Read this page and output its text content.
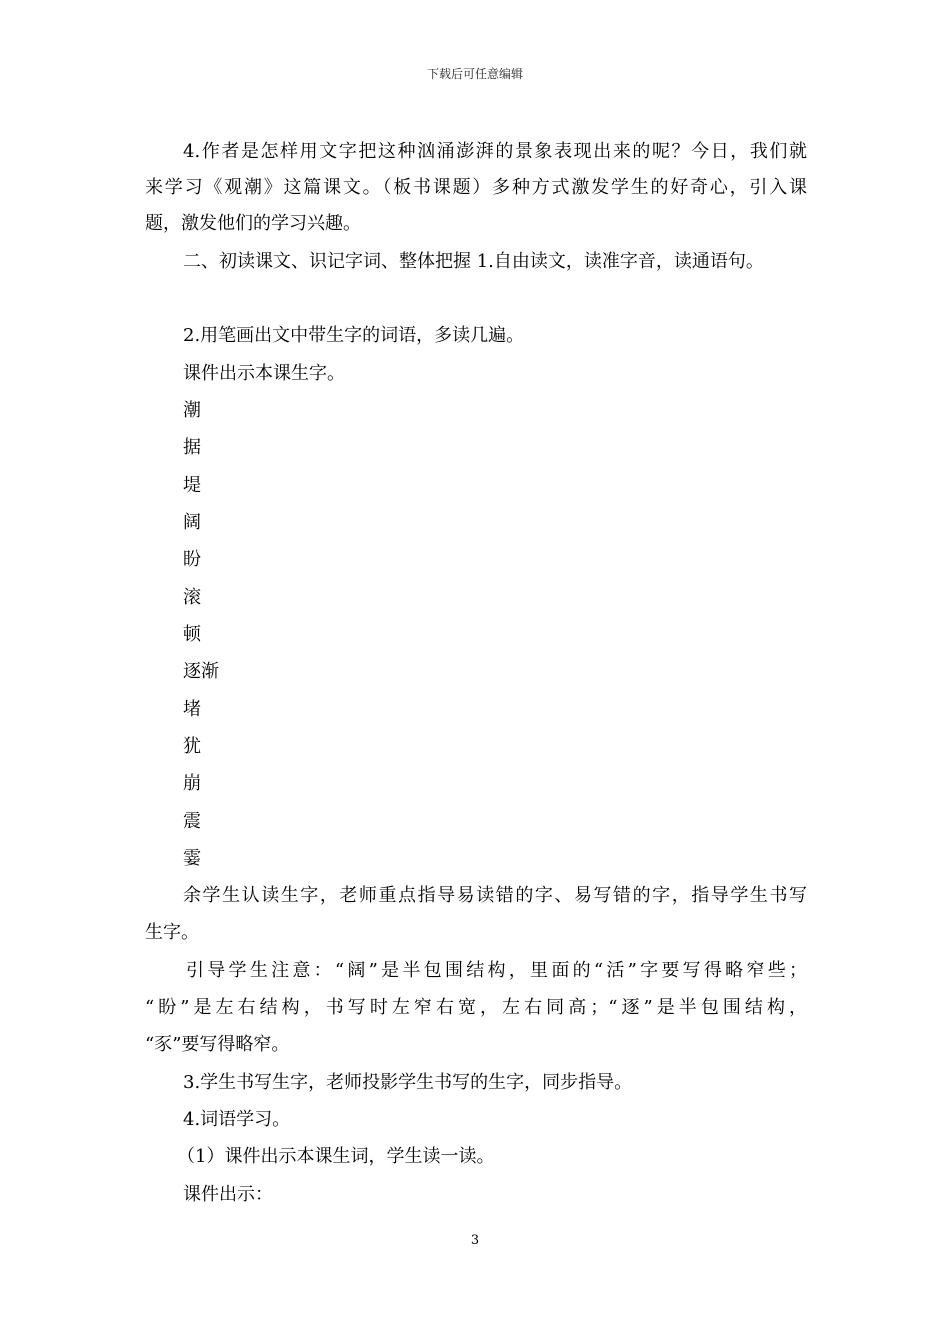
下载后可任意编辑
4.作者是怎样用文字把这种汹涌澎湃的景象表现出来的呢？今日，我们就
来学习《观潮》这篇课文。（板书课题）多种方式激发学生的好奇心，引入课
题，激发他们的学习兴趣。
二、初读课文、识记字词、整体把握 1.自由读文，读准字音，读通语句。
2.用笔画出文中带生字的词语，多读几遍。
课件出示本课生字。
潮
据
堤
阔
盼
滚
顿
逐渐
堵
犹
崩
震
霎
余学生认读生字，老师重点指导易读错的字、易写错的字，指导学生书写
生字。
引导学生注意：“阔”是半包围结构，里面的“活”字要写得略窄些；
“盼”是左右结构，书写时左窄右宽，左右同高；“逐”是半包围结构，
“豕”要写得略窄。
3.学生书写生字，老师投影学生书写的生字，同步指导。
4.词语学习。
（1）课件出示本课生词，学生读一读。
课件出示：
3
